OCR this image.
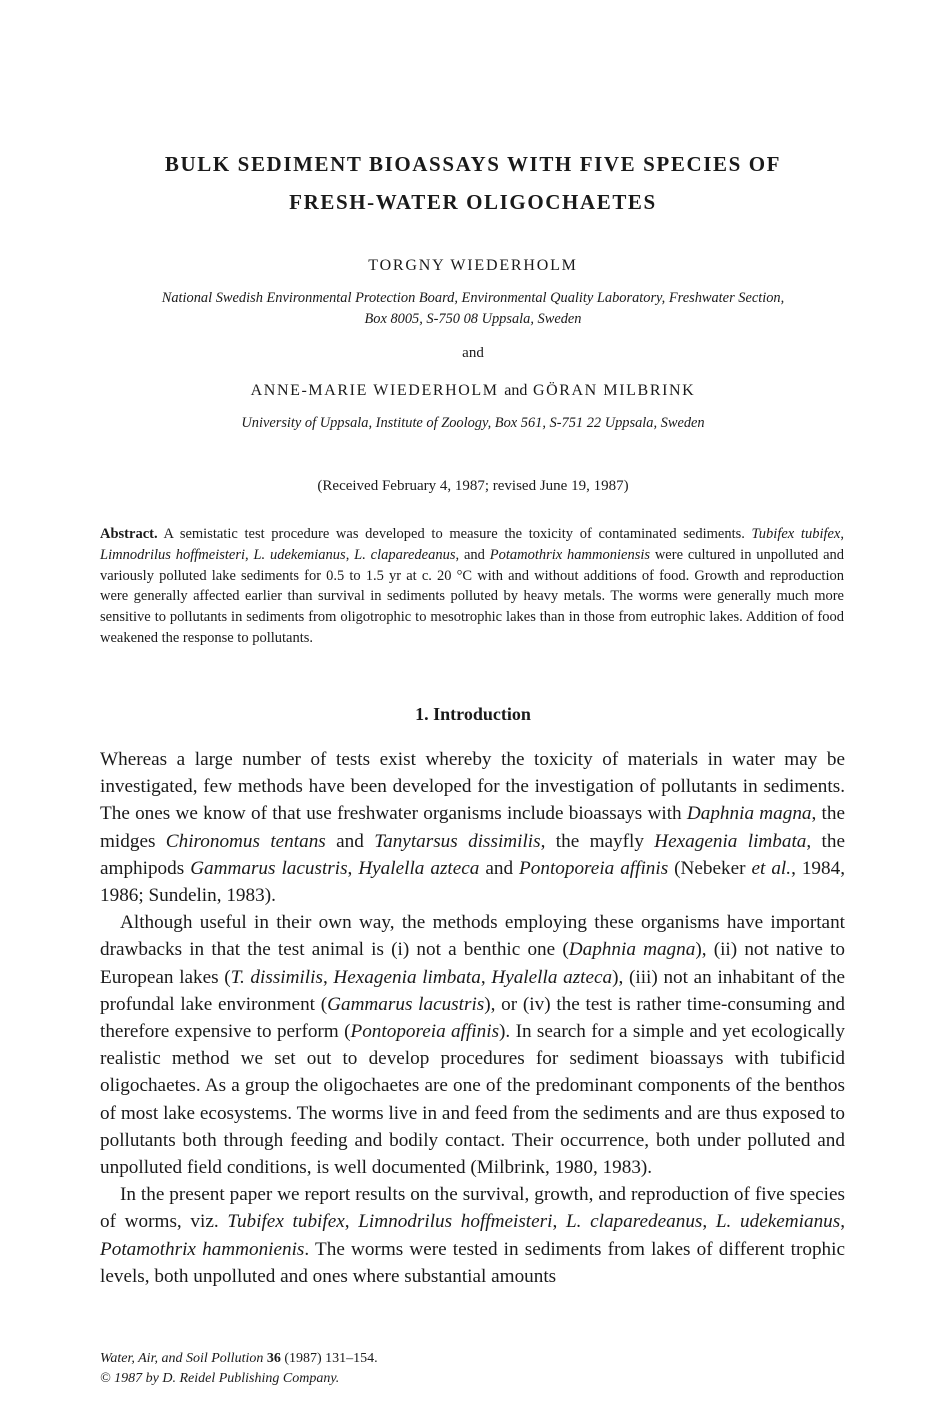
BULK SEDIMENT BIOASSAYS WITH FIVE SPECIES OF
FRESH-WATER OLIGOCHAETES
TORGNY WIEDERHOLM
National Swedish Environmental Protection Board, Environmental Quality Laboratory, Freshwater Section,
Box 8005, S-750 08 Uppsala, Sweden
and
ANNE-MARIE WIEDERHOLM and GÖRAN MILBRINK
University of Uppsala, Institute of Zoology, Box 561, S-751 22 Uppsala, Sweden
(Received February 4, 1987; revised June 19, 1987)
Abstract. A semistatic test procedure was developed to measure the toxicity of contaminated sediments. Tubifex tubifex, Limnodrilus hoffmeisteri, L. udekemianus, L. claparedeanus, and Potamothrix hammoniensis were cultured in unpolluted and variously polluted lake sediments for 0.5 to 1.5 yr at c. 20 °C with and without additions of food. Growth and reproduction were generally affected earlier than survival in sediments polluted by heavy metals. The worms were generally much more sensitive to pollutants in sediments from oligotrophic to mesotrophic lakes than in those from eutrophic lakes. Addition of food weakened the response to pollutants.
1. Introduction

Whereas a large number of tests exist whereby the toxicity of materials in water may be investigated, few methods have been developed for the investigation of pollutants in sediments. The ones we know of that use freshwater organisms include bioassays with Daphnia magna, the midges Chironomus tentans and Tanytarsus dissimilis, the mayfly Hexagenia limbata, the amphipods Gammarus lacustris, Hyalella azteca and Pontoporeia affinis (Nebeker et al., 1984, 1986; Sundelin, 1983).

Although useful in their own way, the methods employing these organisms have important drawbacks in that the test animal is (i) not a benthic one (Daphnia magna), (ii) not native to European lakes (T. dissimilis, Hexagenia limbata, Hyalella azteca), (iii) not an inhabitant of the profundal lake environment (Gammarus lacustris), or (iv) the test is rather time-consuming and therefore expensive to perform (Pontoporeia affinis). In search for a simple and yet ecologically realistic method we set out to develop procedures for sediment bioassays with tubificid oligochaetes. As a group the oligochaetes are one of the predominant components of the benthos of most lake ecosystems. The worms live in and feed from the sediments and are thus exposed to pollutants both through feeding and bodily contact. Their occurrence, both under polluted and unpolluted field conditions, is well documented (Milbrink, 1980, 1983).

In the present paper we report results on the survival, growth, and reproduction of five species of worms, viz. Tubifex tubifex, Limnodrilus hoffmeisteri, L. claparedeanus, L. udekemianus, Potamothrix hammonienis. The worms were tested in sediments from lakes of different trophic levels, both unpolluted and ones where substantial amounts

Water, Air, and Soil Pollution 36 (1987) 131–154.
© 1987 by D. Reidel Publishing Company.
